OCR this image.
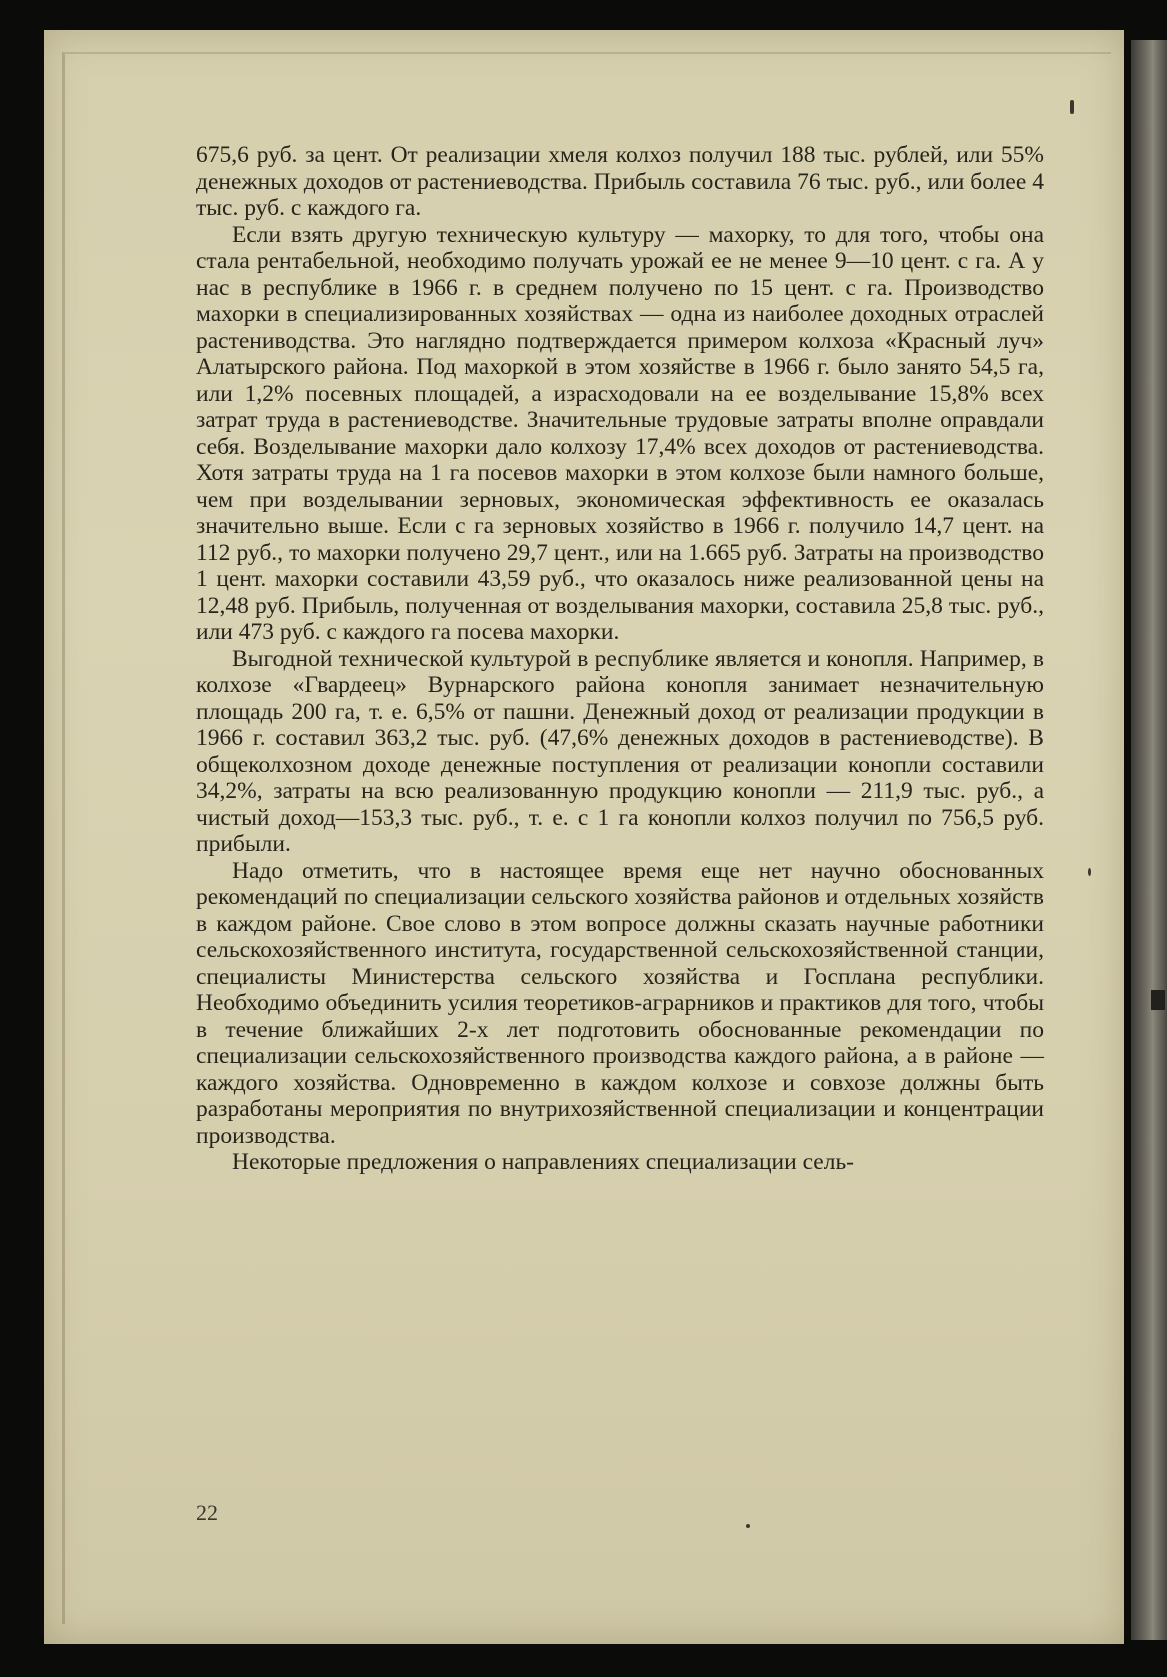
675,6 руб. за цент. От реализации хмеля колхоз получил 188 тыс. рублей, или 55% денежных доходов от растениеводства. Прибыль составила 76 тыс. руб., или более 4 тыс. руб. с каждого га.

Если взять другую техническую культуру — махорку, то для того, чтобы она стала рентабельной, необходимо получать урожай ее не менее 9—10 цент. с га. А у нас в республике в 1966 г. в среднем получено по 15 цент. с га. Производство махорки в специализированных хозяйствах — одна из наиболее доходных отраслей растениводства. Это наглядно подтверждается примером колхоза «Красный луч» Алатырского района. Под махоркой в этом хозяйстве в 1966 г. было занято 54,5 га, или 1,2% посевных площадей, а израсходовали на ее возделывание 15,8% всех затрат труда в растениеводстве. Значительные трудовые затраты вполне оправдали себя. Возделывание махорки дало колхозу 17,4% всех доходов от растениеводства. Хотя затраты труда на 1 га посевов махорки в этом колхозе были намного больше, чем при возделывании зерновых, экономическая эффективность ее оказалась значительно выше. Если с га зерновых хозяйство в 1966 г. получило 14,7 цент. на 112 руб., то махорки получено 29,7 цент., или на 1.665 руб. Затраты на производство 1 цент. махорки составили 43,59 руб., что оказалось ниже реализованной цены на 12,48 руб. Прибыль, полученная от возделывания махорки, составила 25,8 тыс. руб., или 473 руб. с каждого га посева махорки.

Выгодной технической культурой в республике является и конопля. Например, в колхозе «Гвардеец» Вурнарского района конопля занимает незначительную площадь 200 га, т. е. 6,5% от пашни. Денежный доход от реализации продукции в 1966 г. составил 363,2 тыс. руб. (47,6% денежных доходов в растениеводстве). В общеколхозном доходе денежные поступления от реализации конопли составили 34,2%, затраты на всю реализованную продукцию конопли — 211,9 тыс. руб., а чистый доход—153,3 тыс. руб., т. е. с 1 га конопли колхоз получил по 756,5 руб. прибыли.

Надо отметить, что в настоящее время еще нет научно обоснованных рекомендаций по специализации сельского хозяйства районов и отдельных хозяйств в каждом районе. Свое слово в этом вопросе должны сказать научные работники сельскохозяйственного института, государственной сельскохозяйственной станции, специалисты Министерства сельского хозяйства и Госплана республики. Необходимо объединить усилия теоретиков-аграрников и практиков для того, чтобы в течение ближайших 2-х лет подготовить обоснованные рекомендации по специализации сельскохозяйственного производства каждого района, а в районе — каждого хозяйства. Одновременно в каждом колхозе и совхозе должны быть разработаны мероприятия по внутрихозяйственной специализации и концентрации производства.

Некоторые предложения о направлениях специализации сель-

22
